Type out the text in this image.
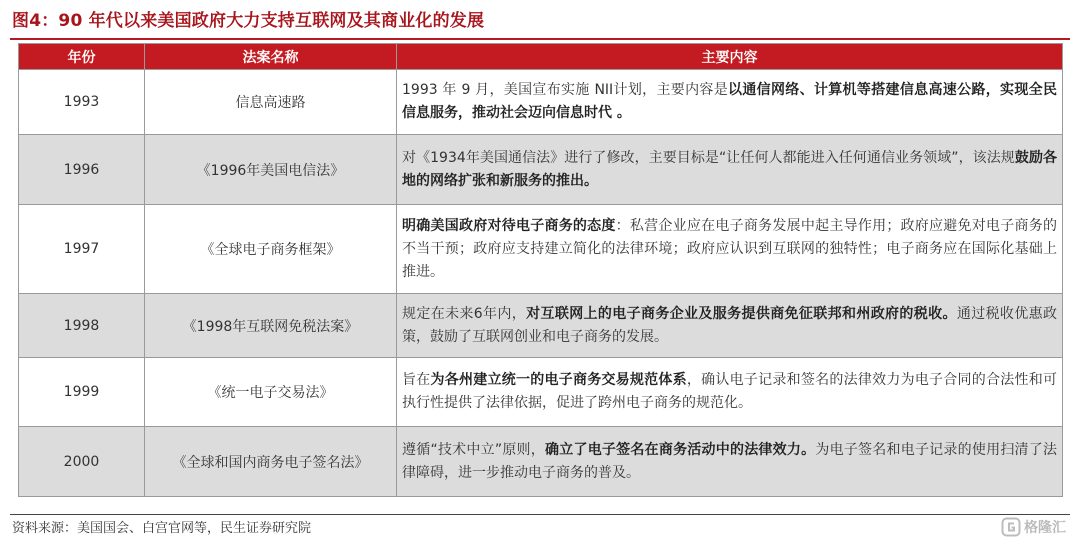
图4：90 年代以来美国政府大力支持互联网及其商业化的发展
年份	法案名称	主要内容
1993	信息高速路	1993 年 9 月，美国宣布实施 NII计划，主要内容是以通信网络、计算机等搭建信息高速公路，实现全民信息服务，推动社会迈向信息时代 。
1996	《1996年美国电信法》	对《1934年美国通信法》进行了修改，主要目标是“让任何人都能进入任何通信业务领域”，该法规鼓励各地的网络扩张和新服务的推出。
1997	《全球电子商务框架》	明确美国政府对待电子商务的态度：私营企业应在电子商务发展中起主导作用；政府应避免对电子商务的不当干预；政府应支持建立简化的法律环境；政府应认识到互联网的独特性；电子商务应在国际化基础上推进。
1998	《1998年互联网免税法案》	规定在未来6年内，对互联网上的电子商务企业及服务提供商免征联邦和州政府的税收。通过税收优惠政策，鼓励了互联网创业和电子商务的发展。
1999	《统一电子交易法》	旨在为各州建立统一的电子商务交易规范体系，确认电子记录和签名的法律效力为电子合同的合法性和可执行性提供了法律依据，促进了跨州电子商务的规范化。
2000	《全球和国内商务电子签名法》	遵循“技术中立”原则，确立了电子签名在商务活动中的法律效力。为电子签名和电子记录的使用扫清了法律障碍，进一步推动电子商务的普及。
资料来源：美国国会、白宫官网等，民生证券研究院	格隆汇
